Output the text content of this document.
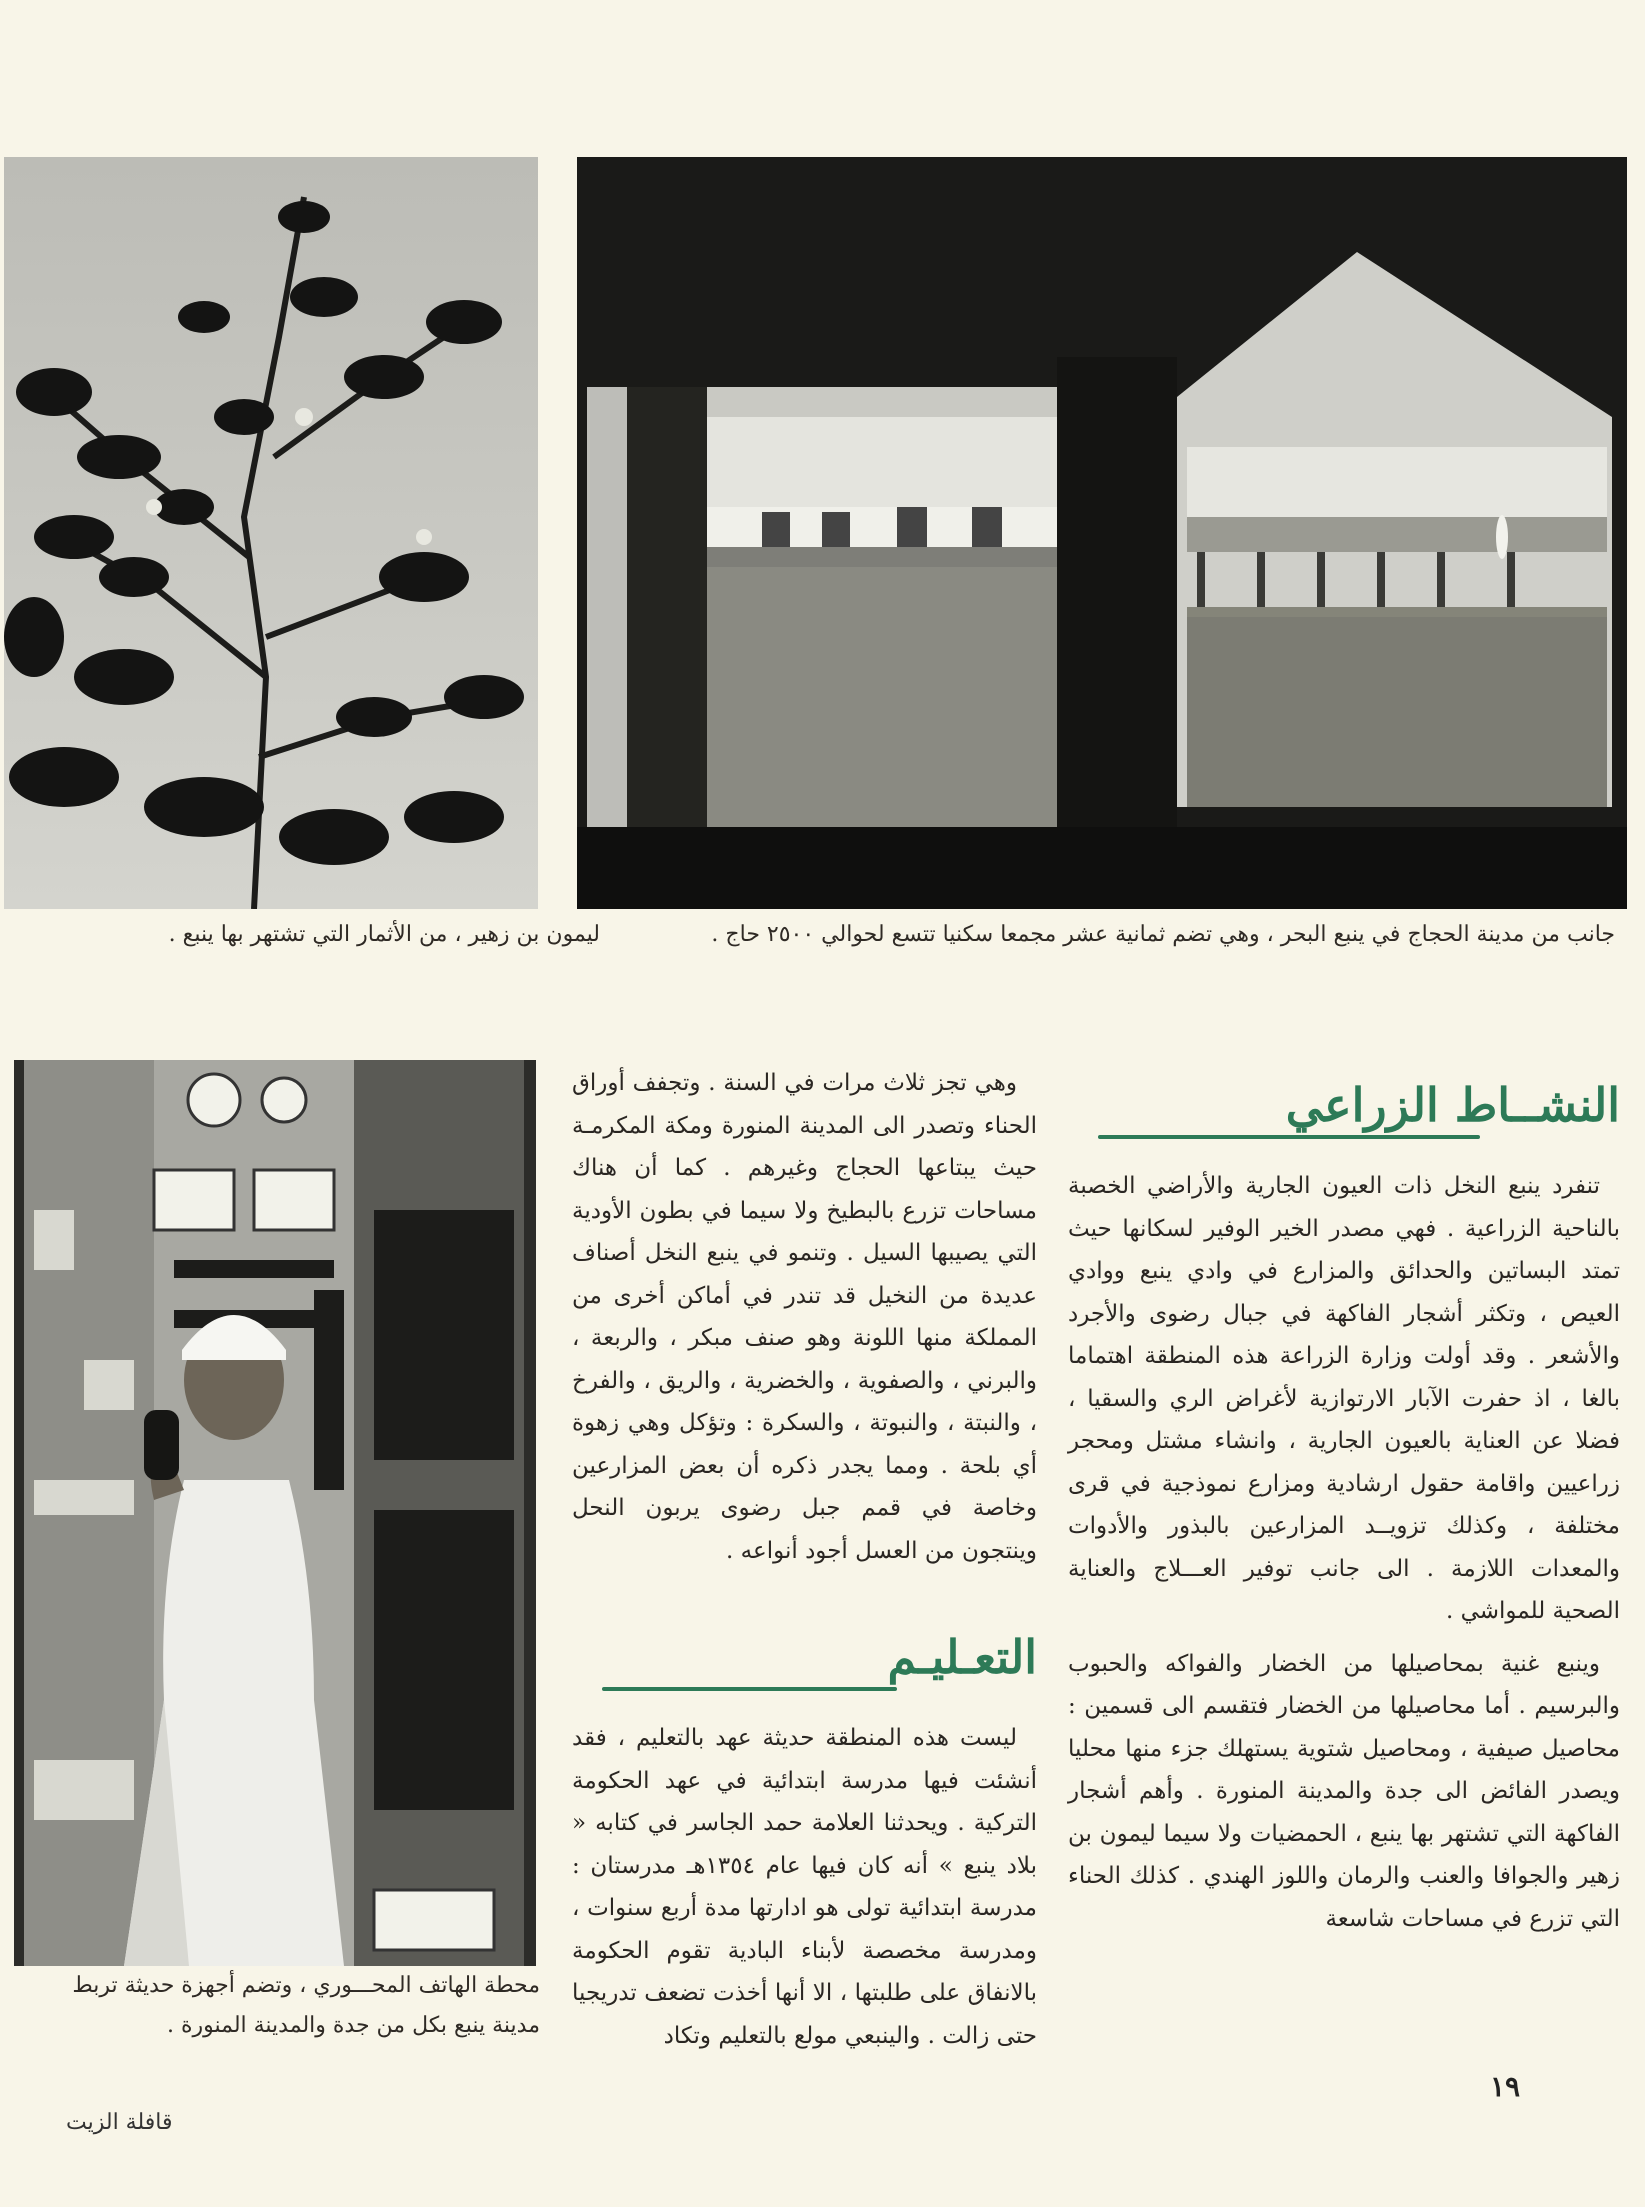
ليمون بن زهير ، من الأثمار التي تشتهر بها ينبع .	جانب من مدينة الحجاج في ينبع البحر ، وهي تضم ثمانية عشر مجمعا سكنيا تتسع لحوالي ٢٥٠٠ حاج .
محطة الهاتف المحـــوري ، وتضم أجهزة حديثة تربط مدينة ينبع بكل من جدة والمدينة المنورة .
النشــاط الزراعي

تنفرد ينبع النخل ذات العيون الجارية والأراضي الخصبة بالناحية الزراعية . فهي مصدر الخير الوفير لسكانها حيث تمتد البساتين والحدائق والمزارع في وادي ينبع ووادي العيص ، وتكثر أشجار الفاكهة في جبال رضوى والأجرد والأشعر . وقد أولت وزارة الزراعة هذه المنطقة اهتماما بالغا ، اذ حفرت الآبار الارتوازية لأغراض الري والسقيا ، فضلا عن العناية بالعيون الجارية ، وانشاء مشتل ومحجر زراعيين واقامة حقول ارشادية ومزارع نموذجية في قرى مختلفة ، وكذلك تزويــد المزارعين بالبذور والأدوات والمعدات اللازمة . الى جانب توفير العـــلاج والعناية الصحية للمواشي .

وينبع غنية بمحاصيلها من الخضار والفواكه والحبوب والبرسيم . أما محاصيلها من الخضار فتقسم الى قسمين : محاصيل صيفية ، ومحاصيل شتوية يستهلك جزء منها محليا ويصدر الفائض الى جدة والمدينة المنورة . وأهم أشجار الفاكهة التي تشتهر بها ينبع ، الحمضيات ولا سيما ليمون بن زهير والجوافا والعنب والرمان واللوز الهندي . كذلك الحناء التي تزرع في مساحات شاسعة

وهي تجز ثلاث مرات في السنة . وتجفف أوراق الحناء وتصدر الى المدينة المنورة ومكة المكرمـة حيث يبتاعها الحجاج وغيرهم . كما أن هناك مساحات تزرع بالبطيخ ولا سيما في بطون الأودية التي يصيبها السيل . وتنمو في ينبع النخل أصناف عديدة من النخيل قد تندر في أماكن أخرى من المملكة منها اللونة وهو صنف مبكر ، والربعة ، والبرني ، والصفوية ، والخضرية ، والريق ، والفرخ ، والنبتة ، والنبوتة ، والسكرة : وتؤكل وهي زهوة أي بلحة . ومما يجدر ذكره أن بعض المزارعين وخاصة في قمم جبل رضوى يربون النحل وينتجون من العسل أجود أنواعه .

التعـليـم

ليست هذه المنطقة حديثة عهد بالتعليم ، فقد أنشئت فيها مدرسة ابتدائية في عهد الحكومة التركية . ويحدثنا العلامة حمد الجاسر في كتابه « بلاد ينبع » أنه كان فيها عام ١٣٥٤هـ مدرستان : مدرسة ابتدائية تولى هو ادارتها مدة أربع سنوات ، ومدرسة مخصصة لأبناء البادية تقوم الحكومة بالانفاق على طلبتها ، الا أنها أخذت تضعف تدريجيا حتى زالت . والينبعي مولع بالتعليم وتكاد

١٩
قافلة الزيت
